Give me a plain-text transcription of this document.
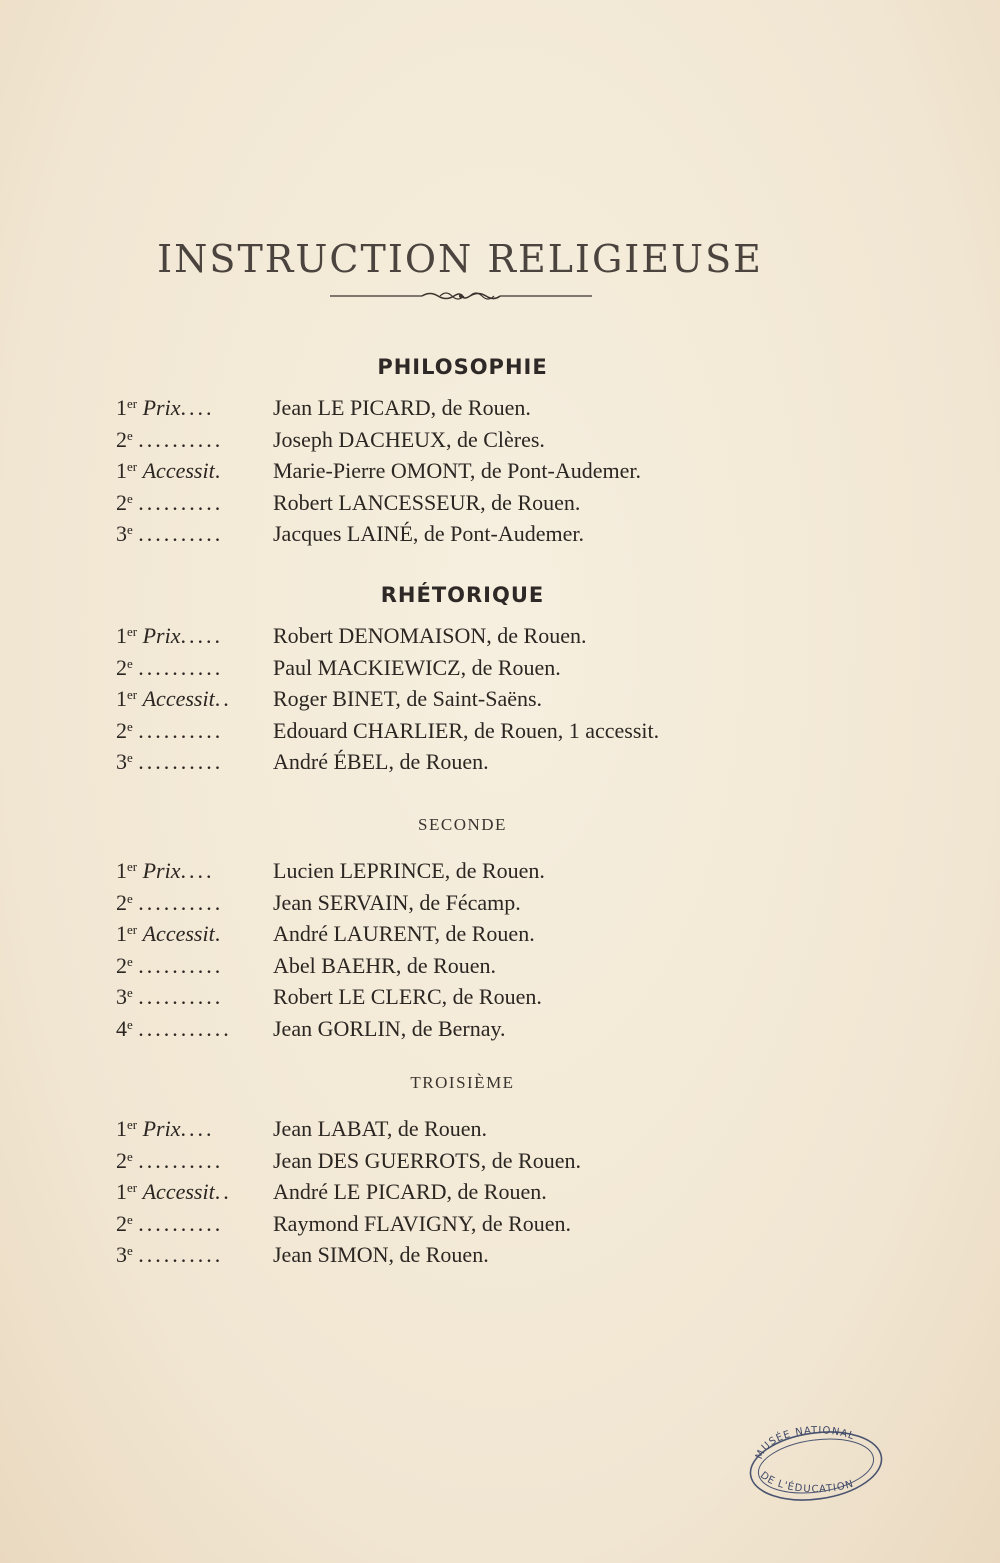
INSTRUCTION RELIGIEUSE

PHILOSOPHIE

1er Prix....	Jean LE PICARD, de Rouen.
2e ..........	Joseph DACHEUX, de Clères.
1er Accessit.	Marie-Pierre OMONT, de Pont-Audemer.
2e ..........	Robert LANCESSEUR, de Rouen.
3e ..........	Jacques LAINÉ, de Pont-Audemer.

RHÉTORIQUE

1er Prix.....	Robert DENOMAISON, de Rouen.
2e ..........	Paul MACKIEWICZ, de Rouen.
1er Accessit..	Roger BINET, de Saint-Saëns.
2e ..........	Edouard CHARLIER, de Rouen, 1 accessit.
3e ..........	André ÉBEL, de Rouen.

SECONDE

1er Prix....	Lucien LEPRINCE, de Rouen.
2e ..........	Jean SERVAIN, de Fécamp.
1er Accessit.	André LAURENT, de Rouen.
2e ..........	Abel BAEHR, de Rouen.
3e ..........	Robert LE CLERC, de Rouen.
4e ...........	Jean GORLIN, de Bernay.

TROISIÈME

1er Prix....	Jean LABAT, de Rouen.
2e ..........	Jean DES GUERROTS, de Rouen.
1er Accessit..	André LE PICARD, de Rouen.
2e ..........	Raymond FLAVIGNY, de Rouen.
3e ..........	Jean SIMON, de Rouen.
MUSÉE NATIONAL
DE L'ÉDUCATION
